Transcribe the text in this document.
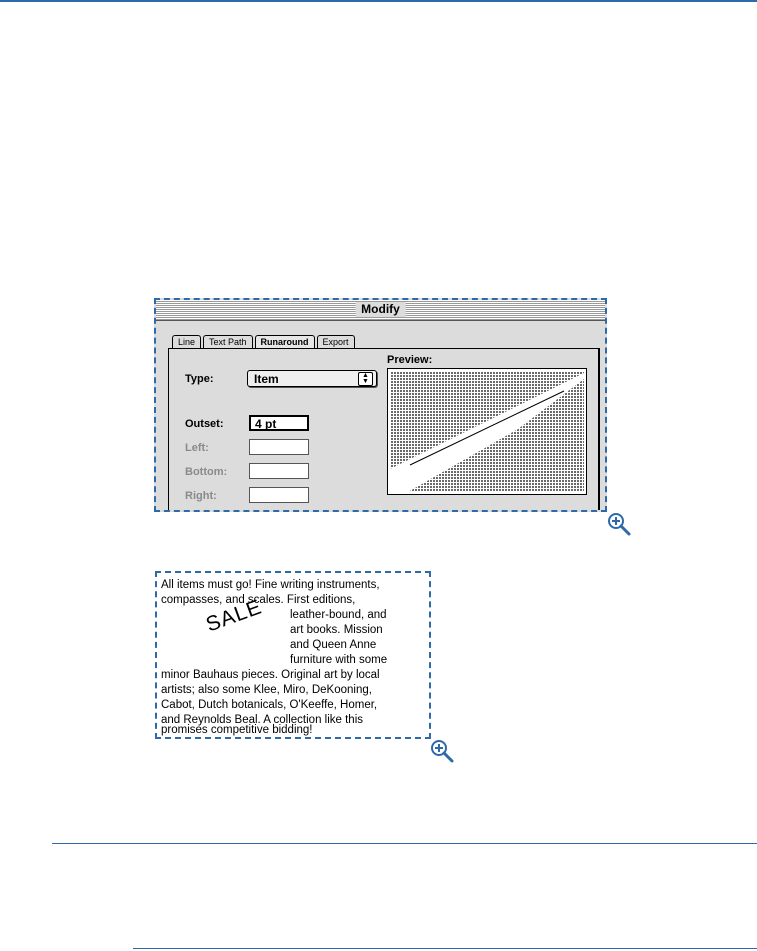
Modify
Line	Text Path	Runaround	Export
Type:	Item	▲
▼
Outset:	4 pt
Left:
Bottom:
Right:
Preview:
All items must go! Fine writing instruments,
compasses, and scales. First editions,
leather-bound, and
art books. Mission
and Queen Anne
furniture with some
minor Bauhaus pieces. Original art by local
artists; also some Klee, Miro, DeKooning,
Cabot, Dutch botanicals, O'Keeffe, Homer,
and Reynolds Beal. A collection like this
SALE
promises competitive bidding!
